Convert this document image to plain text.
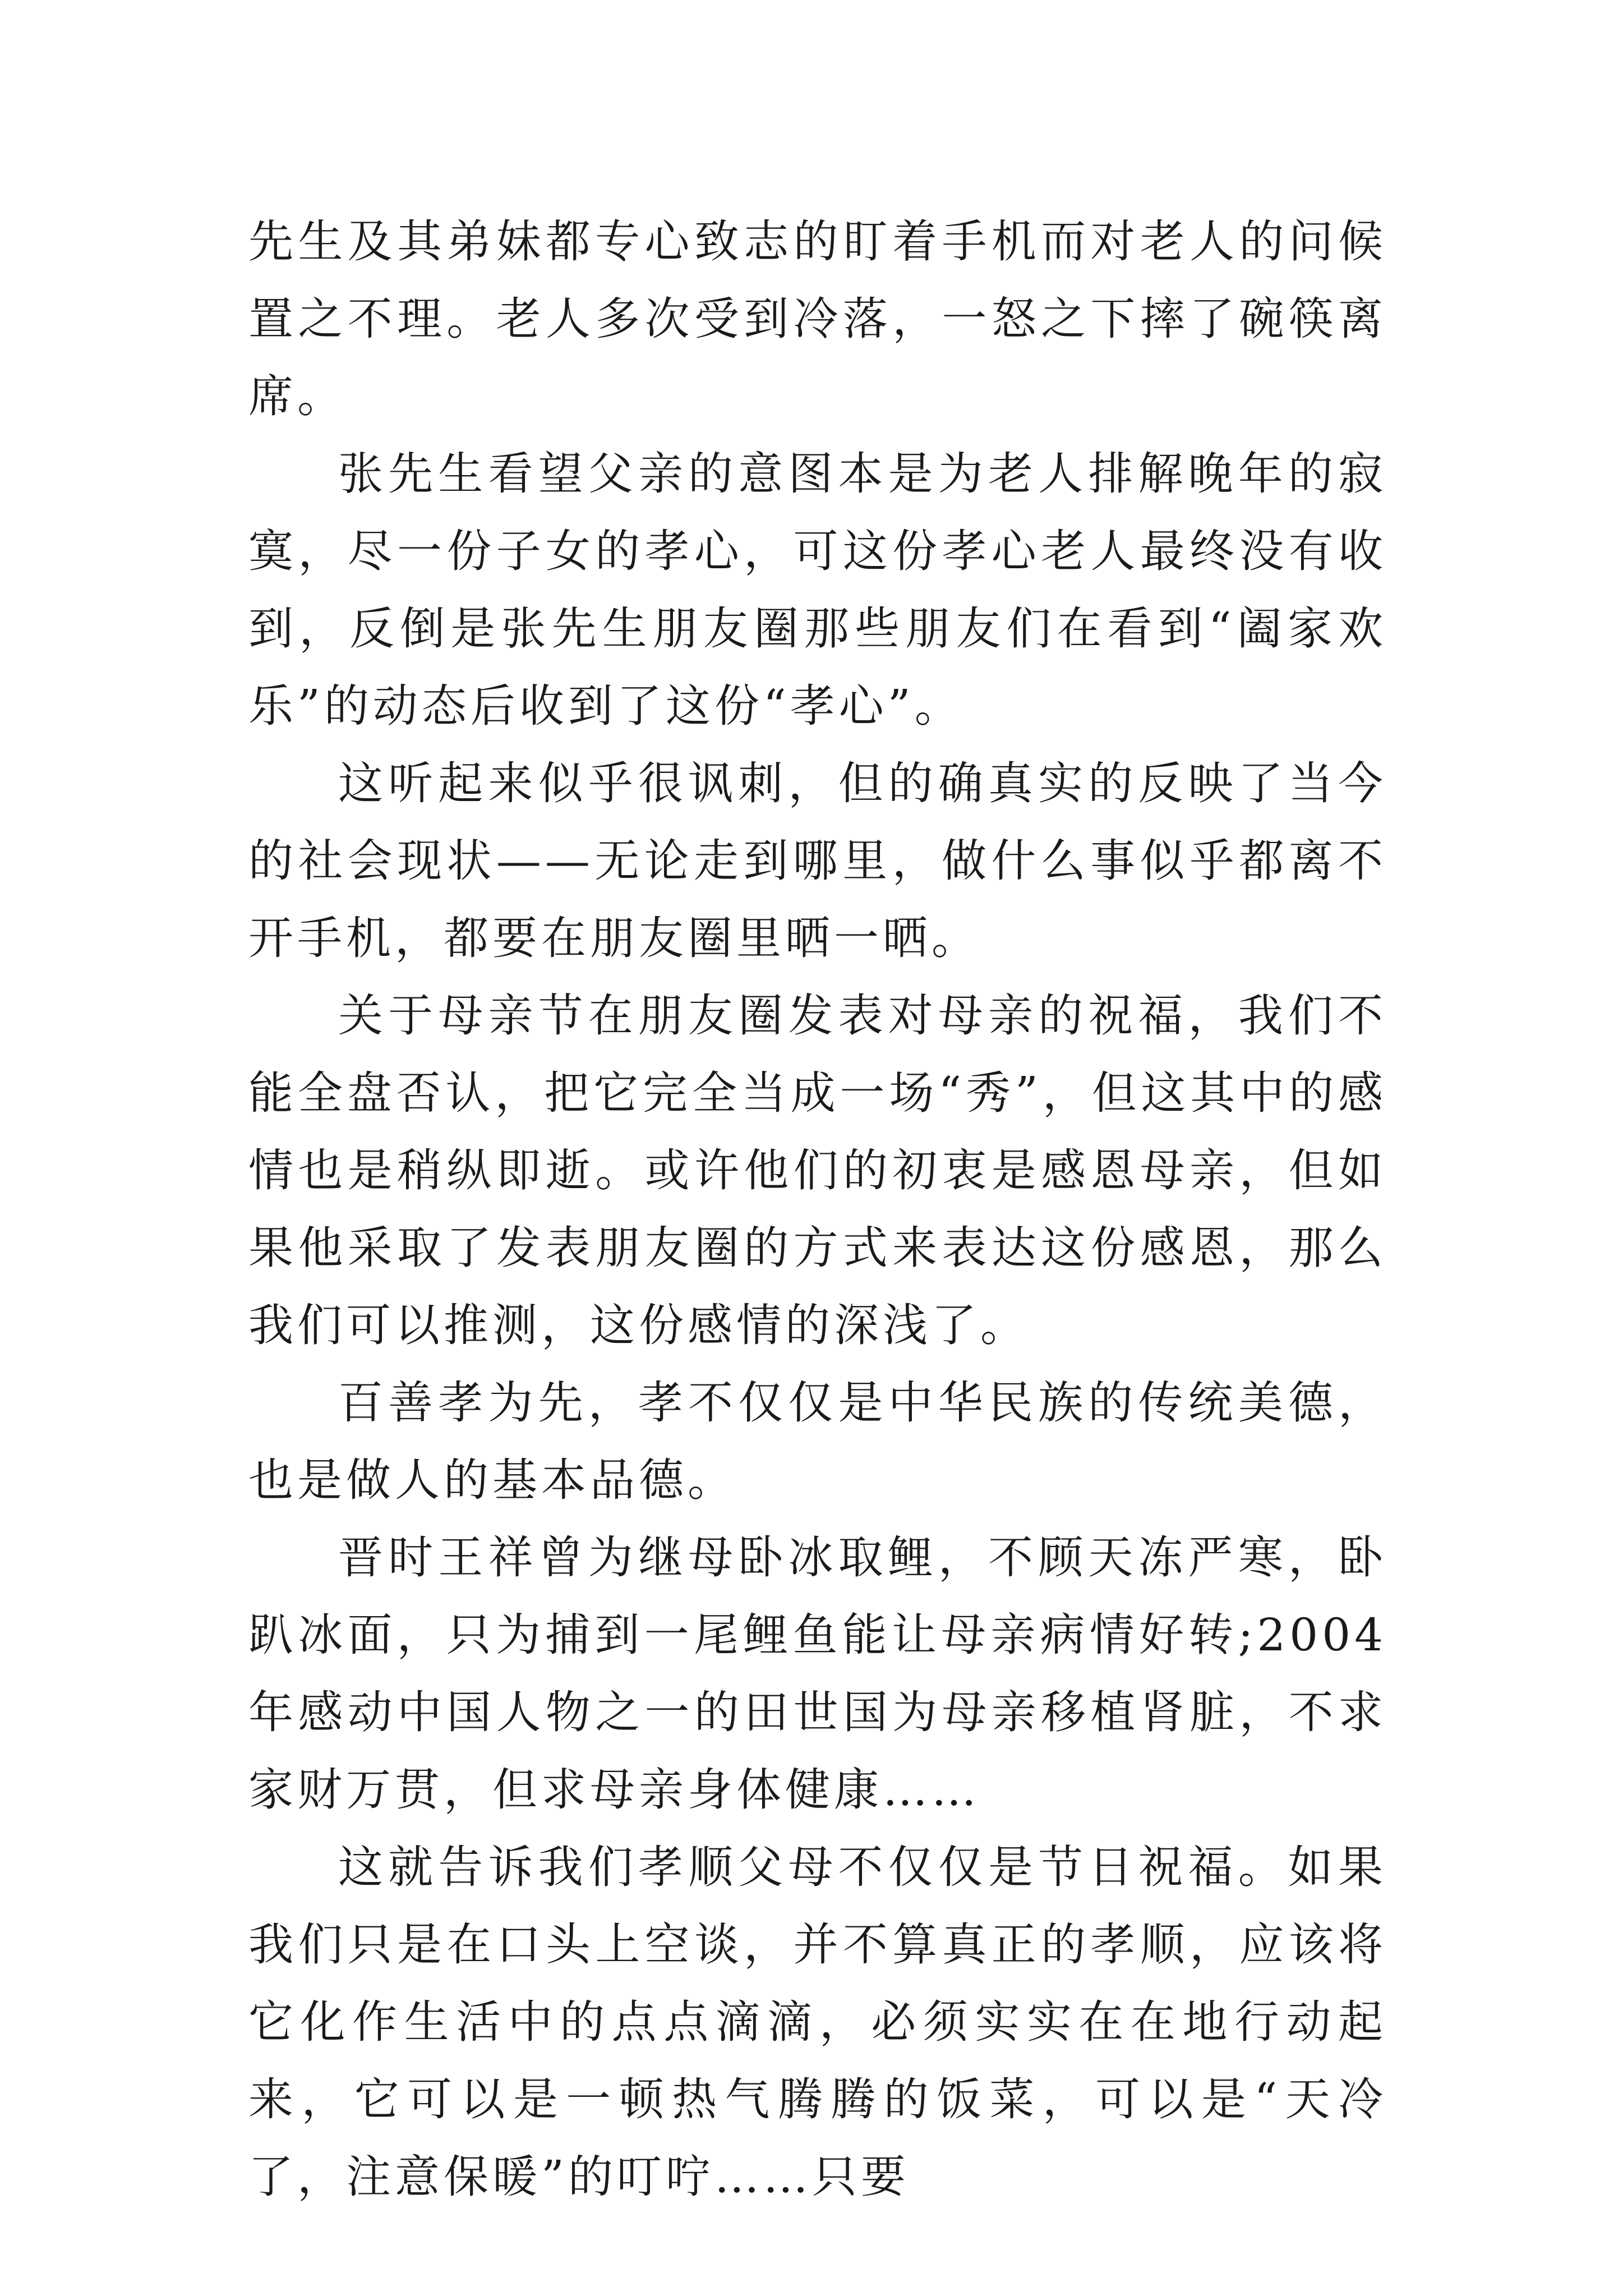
先生及其弟妹都专心致志的盯着手机而对老人的问候置之不理。老人多次受到冷落，一怒之下摔了碗筷离席。

张先生看望父亲的意图本是为老人排解晚年的寂寞，尽一份子女的孝心，可这份孝心老人最终没有收到，反倒是张先生朋友圈那些朋友们在看到“阖家欢乐”的动态后收到了这份“孝心”。

这听起来似乎很讽刺，但的确真实的反映了当今的社会现状——无论走到哪里，做什么事似乎都离不开手机，都要在朋友圈里晒一晒。

关于母亲节在朋友圈发表对母亲的祝福，我们不能全盘否认，把它完全当成一场“秀”，但这其中的感情也是稍纵即逝。或许他们的初衷是感恩母亲，但如果他采取了发表朋友圈的方式来表达这份感恩，那么我们可以推测，这份感情的深浅了。

百善孝为先，孝不仅仅是中华民族的传统美德，也是做人的基本品德。

晋时王祥曾为继母卧冰取鲤，不顾天冻严寒，卧趴冰面，只为捕到一尾鲤鱼能让母亲病情好转;2004年感动中国人物之一的田世国为母亲移植肾脏，不求家财万贯，但求母亲身体健康……

这就告诉我们孝顺父母不仅仅是节日祝福。如果我们只是在口头上空谈，并不算真正的孝顺，应该将它化作生活中的点点滴滴，必须实实在在地行动起来，它可以是一顿热气腾腾的饭菜，可以是“天冷了，注意保暖”的叮咛……只要
